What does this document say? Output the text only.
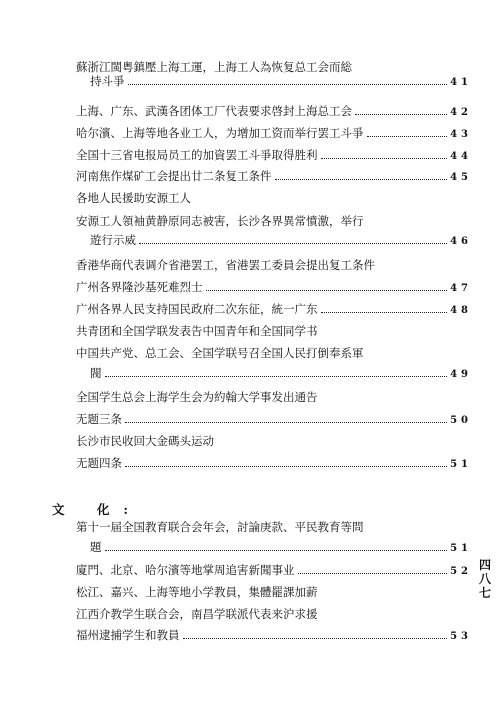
蘇浙江閩粤鎮壓上海工運，上海工人為恢复总工会而総
持斗爭	41
上海、广东、武漢各团体工厂代表要求啓封上海总工会	42
哈尔濱、上海等地各业工人，为增加工资而举行罢工斗爭	43
全国十三省电报局员工的加資罢工斗爭取得胜利	44
河南焦作煤矿工会提出廿二条复工条件	45
各地人民援助安源工人
安源工人領袖黄静原同志被害，长沙各界異常憤激，举行
遊行示威	46
香港华商代表调介省港罢工，省港罢工委員会提出复工条件
广州各界隆沙基死难烈士	47
广州各界人民支持国民政府二次东征，統一广东	48
共青团和全国学联发表告中国青年和全国同学书
中国共产党、总工会、全国学联号召全国人民打倒奉系軍
閥	49
全国学生总会上海学生会为約翰大学事发出通告
无题三条	50
长沙市民收回大金碼头运动
无题四条	51
文 化:
第十一届全国教育联合会年会，討論庚款、平民教育等問
題	51
廈門、北京、哈尔濱等地掌周追害新聞事业	52
松江、嘉兴、上海等地小学教員，集體罷課加薪
江西介教学生联合会，南昌学联派代表来沪求援
福州逮捕学生和教員	53
四
八
七
